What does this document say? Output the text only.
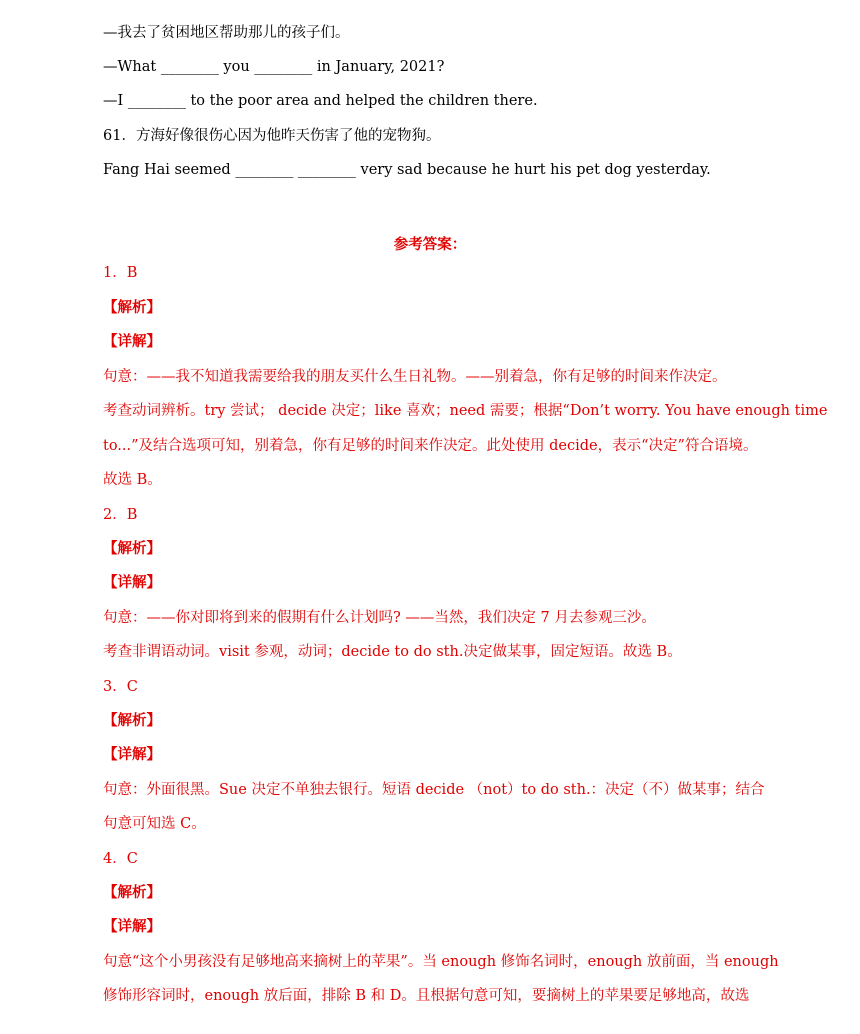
—我去了贫困地区帮助那儿的孩子们。
—What ________ you ________ in January, 2021?
—I ________ to the poor area and helped the children there.
61．方海好像很伤心因为他昨天伤害了他的宠物狗。
Fang Hai seemed ________ ________ very sad because he hurt his pet dog yesterday.
参考答案：
1．B
【解析】
【详解】
句意：——我不知道我需要给我的朋友买什么生日礼物。——别着急，你有足够的时间来作决定。
考查动词辨析。try 尝试； decide 决定；like 喜欢；need 需要；根据“Don’t worry. You have enough time
to...”及结合选项可知，别着急，你有足够的时间来作决定。此处使用 decide，表示“决定”符合语境。
故选 B。
2．B
【解析】
【详解】
句意：——你对即将到来的假期有什么计划吗? ——当然，我们决定 7 月去参观三沙。
考查非谓语动词。visit 参观，动词；decide to do sth.决定做某事，固定短语。故选 B。
3．C
【解析】
【详解】
句意：外面很黑。Sue 决定不单独去银行。短语 decide （not）to do sth.：决定（不）做某事；结合
句意可知选 C。
4．C
【解析】
【详解】
句意“这个小男孩没有足够地高来摘树上的苹果”。当 enough 修饰名词时，enough 放前面，当 enough
修饰形容词时，enough 放后面，排除 B 和 D。且根据句意可知，要摘树上的苹果要足够地高，故选
